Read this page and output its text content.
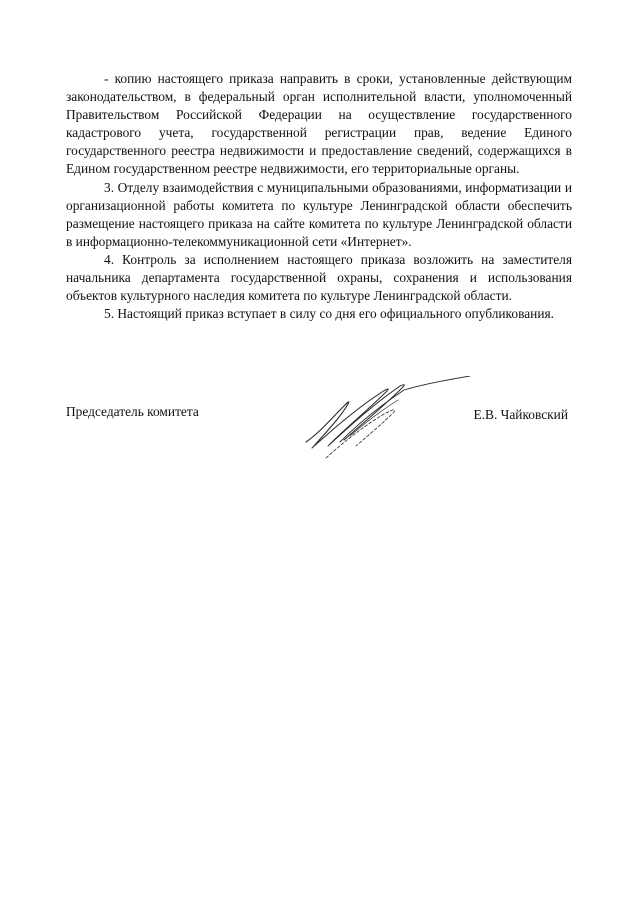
- копию настоящего приказа направить в сроки, установленные действующим законодательством, в федеральный орган исполнительной власти, уполномоченный Правительством Российской Федерации на осуществление государственного кадастрового учета, государственной регистрации прав, ведение Единого государственного реестра недвижимости и предоставление сведений, содержащихся в Едином государственном реестре недвижимости, его территориальные органы.

3. Отделу взаимодействия с муниципальными образованиями, информатизации и организационной работы комитета по культуре Ленинградской области обеспечить размещение настоящего приказа на сайте комитета по культуре Ленинградской области в информационно-телекоммуникационной сети «Интернет».

4. Контроль за исполнением настоящего приказа возложить на заместителя начальника департамента государственной охраны, сохранения и использования объектов культурного наследия комитета по культуре Ленинградской области.

5. Настоящий приказ вступает в силу со дня его официального опубликования.

Председатель комитета	Е.В. Чайковский
